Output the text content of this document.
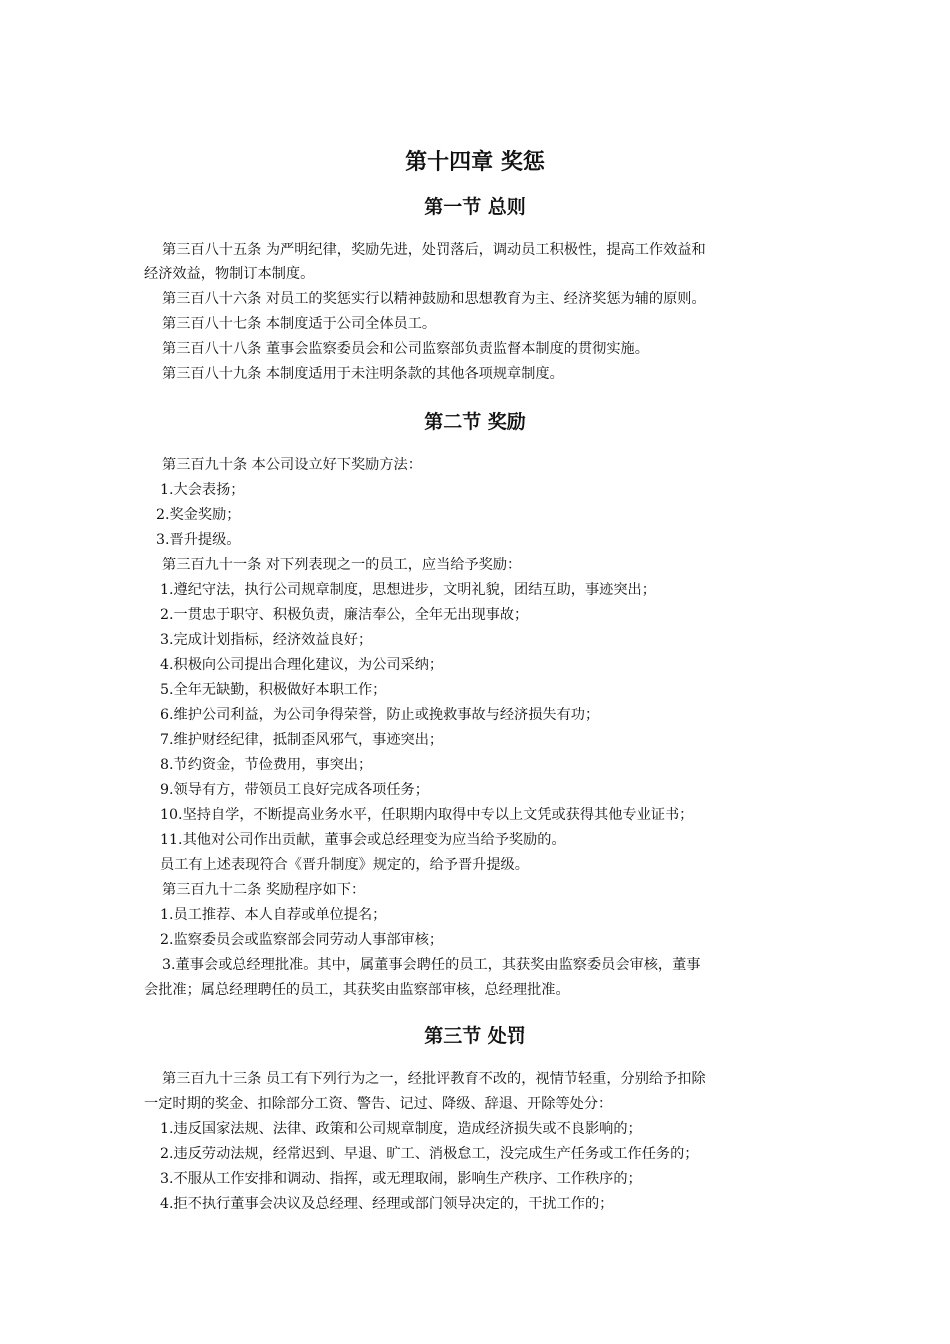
第十四章 奖惩
第一节 总则
第三百八十五条 为严明纪律，奖励先进，处罚落后，调动员工积极性，提高工作效益和
经济效益，物制订本制度。
第三百八十六条 对员工的奖惩实行以精神鼓励和思想教育为主、经济奖惩为辅的原则。
第三百八十七条 本制度适于公司全体员工。
第三百八十八条 董事会监察委员会和公司监察部负责监督本制度的贯彻实施。
第三百八十九条 本制度适用于未注明条款的其他各项规章制度。
第二节 奖励
第三百九十条 本公司设立好下奖励方法：
1.大会表扬；
2.奖金奖励；
3.晋升提级。
第三百九十一条 对下列表现之一的员工，应当给予奖励：
1.遵纪守法，执行公司规章制度，思想进步，文明礼貌，团结互助，事迹突出；
2.一贯忠于职守、积极负责，廉洁奉公，全年无出现事故；
3.完成计划指标，经济效益良好；
4.积极向公司提出合理化建议，为公司采纳；
5.全年无缺勤，积极做好本职工作；
6.维护公司利益，为公司争得荣誉，防止或挽救事故与经济损失有功；
7.维护财经纪律，抵制歪风邪气，事迹突出；
8.节约资金，节俭费用，事突出；
9.领导有方，带领员工良好完成各项任务；
10.坚持自学，不断提高业务水平，任职期内取得中专以上文凭或获得其他专业证书；
11.其他对公司作出贡献，董事会或总经理变为应当给予奖励的。
员工有上述表现符合《晋升制度》规定的，给予晋升提级。
第三百九十二条 奖励程序如下：
1.员工推荐、本人自荐或单位提名；
2.监察委员会或监察部会同劳动人事部审核；
3.董事会或总经理批准。其中，属董事会聘任的员工，其获奖由监察委员会审核，董事
会批准；属总经理聘任的员工，其获奖由监察部审核，总经理批准。
第三节 处罚
第三百九十三条 员工有下列行为之一，经批评教育不改的，视情节轻重，分别给予扣除
一定时期的奖金、扣除部分工资、警告、记过、降级、辞退、开除等处分：
1.违反国家法规、法律、政策和公司规章制度，造成经济损失或不良影响的；
2.违反劳动法规，经常迟到、早退、旷工、消极怠工，没完成生产任务或工作任务的；
3.不服从工作安排和调动、指挥，或无理取闹，影响生产秩序、工作秩序的；
4.拒不执行董事会决议及总经理、经理或部门领导决定的，干扰工作的；
